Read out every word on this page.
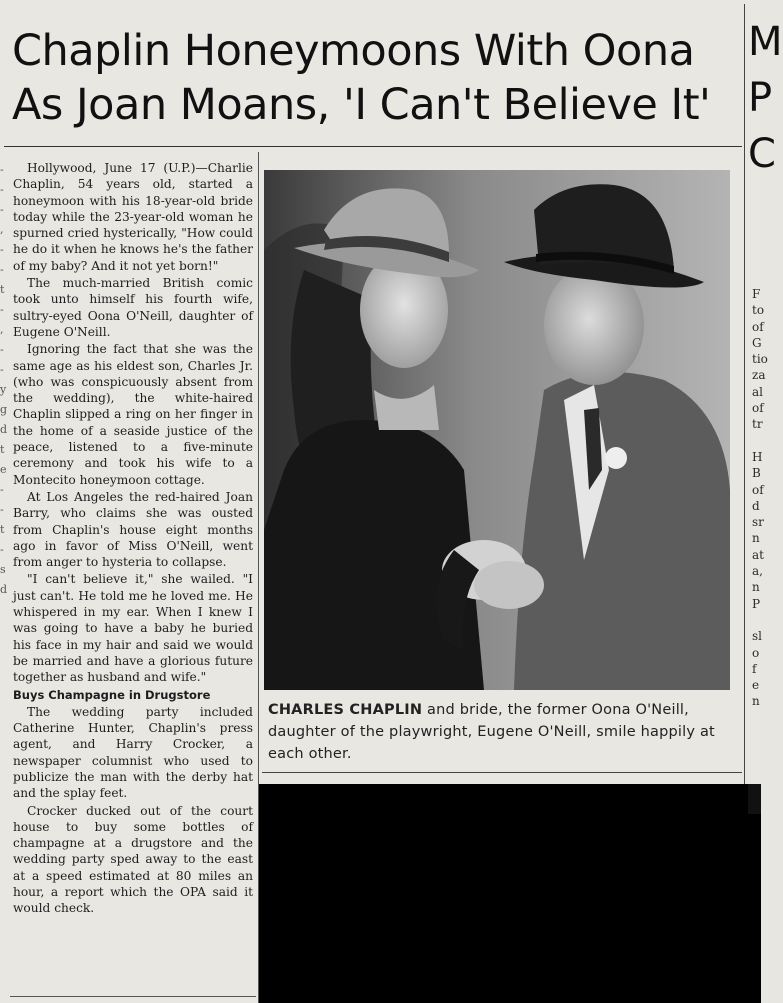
-
-
-
,
-
-
t
-
,
-
-
y
g
d
t
e
-
-
t
-
s
d
Chaplin Honeymoons With Oona
As Joan Moans, 'I Can't Believe It'
M
P
C
F
to
of
G
tio
za
al
of
tr

H
B
of
d
sr
n
at
a,
n
P

sl
o
f
e
n

Hollywood, June 17 (U.P.)—Charlie Chaplin, 54 years old, started a honeymoon with his 18-year-old bride today while the 23-year-old woman he spurned cried hysterically, "How could he do it when he knows he's the father of my baby? And it not yet born!"

The much-married British comic took unto himself his fourth wife, sultry-eyed Oona O'Neill, daughter of Eugene O'Neill.

Ignoring the fact that she was the same age as his eldest son, Charles Jr. (who was conspicuously absent from the wedding), the white-haired Chaplin slipped a ring on her finger in the home of a seaside justice of the peace, listened to a five-minute ceremony and took his wife to a Montecito honeymoon cottage.

At Los Angeles the red-haired Joan Barry, who claims she was ousted from Chaplin's house eight months ago in favor of Miss O'Neill, went from anger to hysteria to collapse.

"I can't believe it," she wailed. "I just can't. He told me he loved me. He whispered in my ear. When I knew I was going to have a baby he buried his face in my hair and said we would be married and have a glorious future together as husband and wife."

Buys Champagne in Drugstore

The wedding party included Catherine Hunter, Chaplin's press agent, and Harry Crocker, a newspaper columnist who used to publicize the man with the derby hat and the splay feet.

Crocker ducked out of the court house to buy some bottles of champagne at a drugstore and the wedding party sped away to the east at a speed estimated at 80 miles an hour, a report which the OPA said it would check.

CHARLES CHAPLIN and bride, the former Oona O'Neill, daughter of the playwright, Eugene O'Neill, smile happily at each other.
